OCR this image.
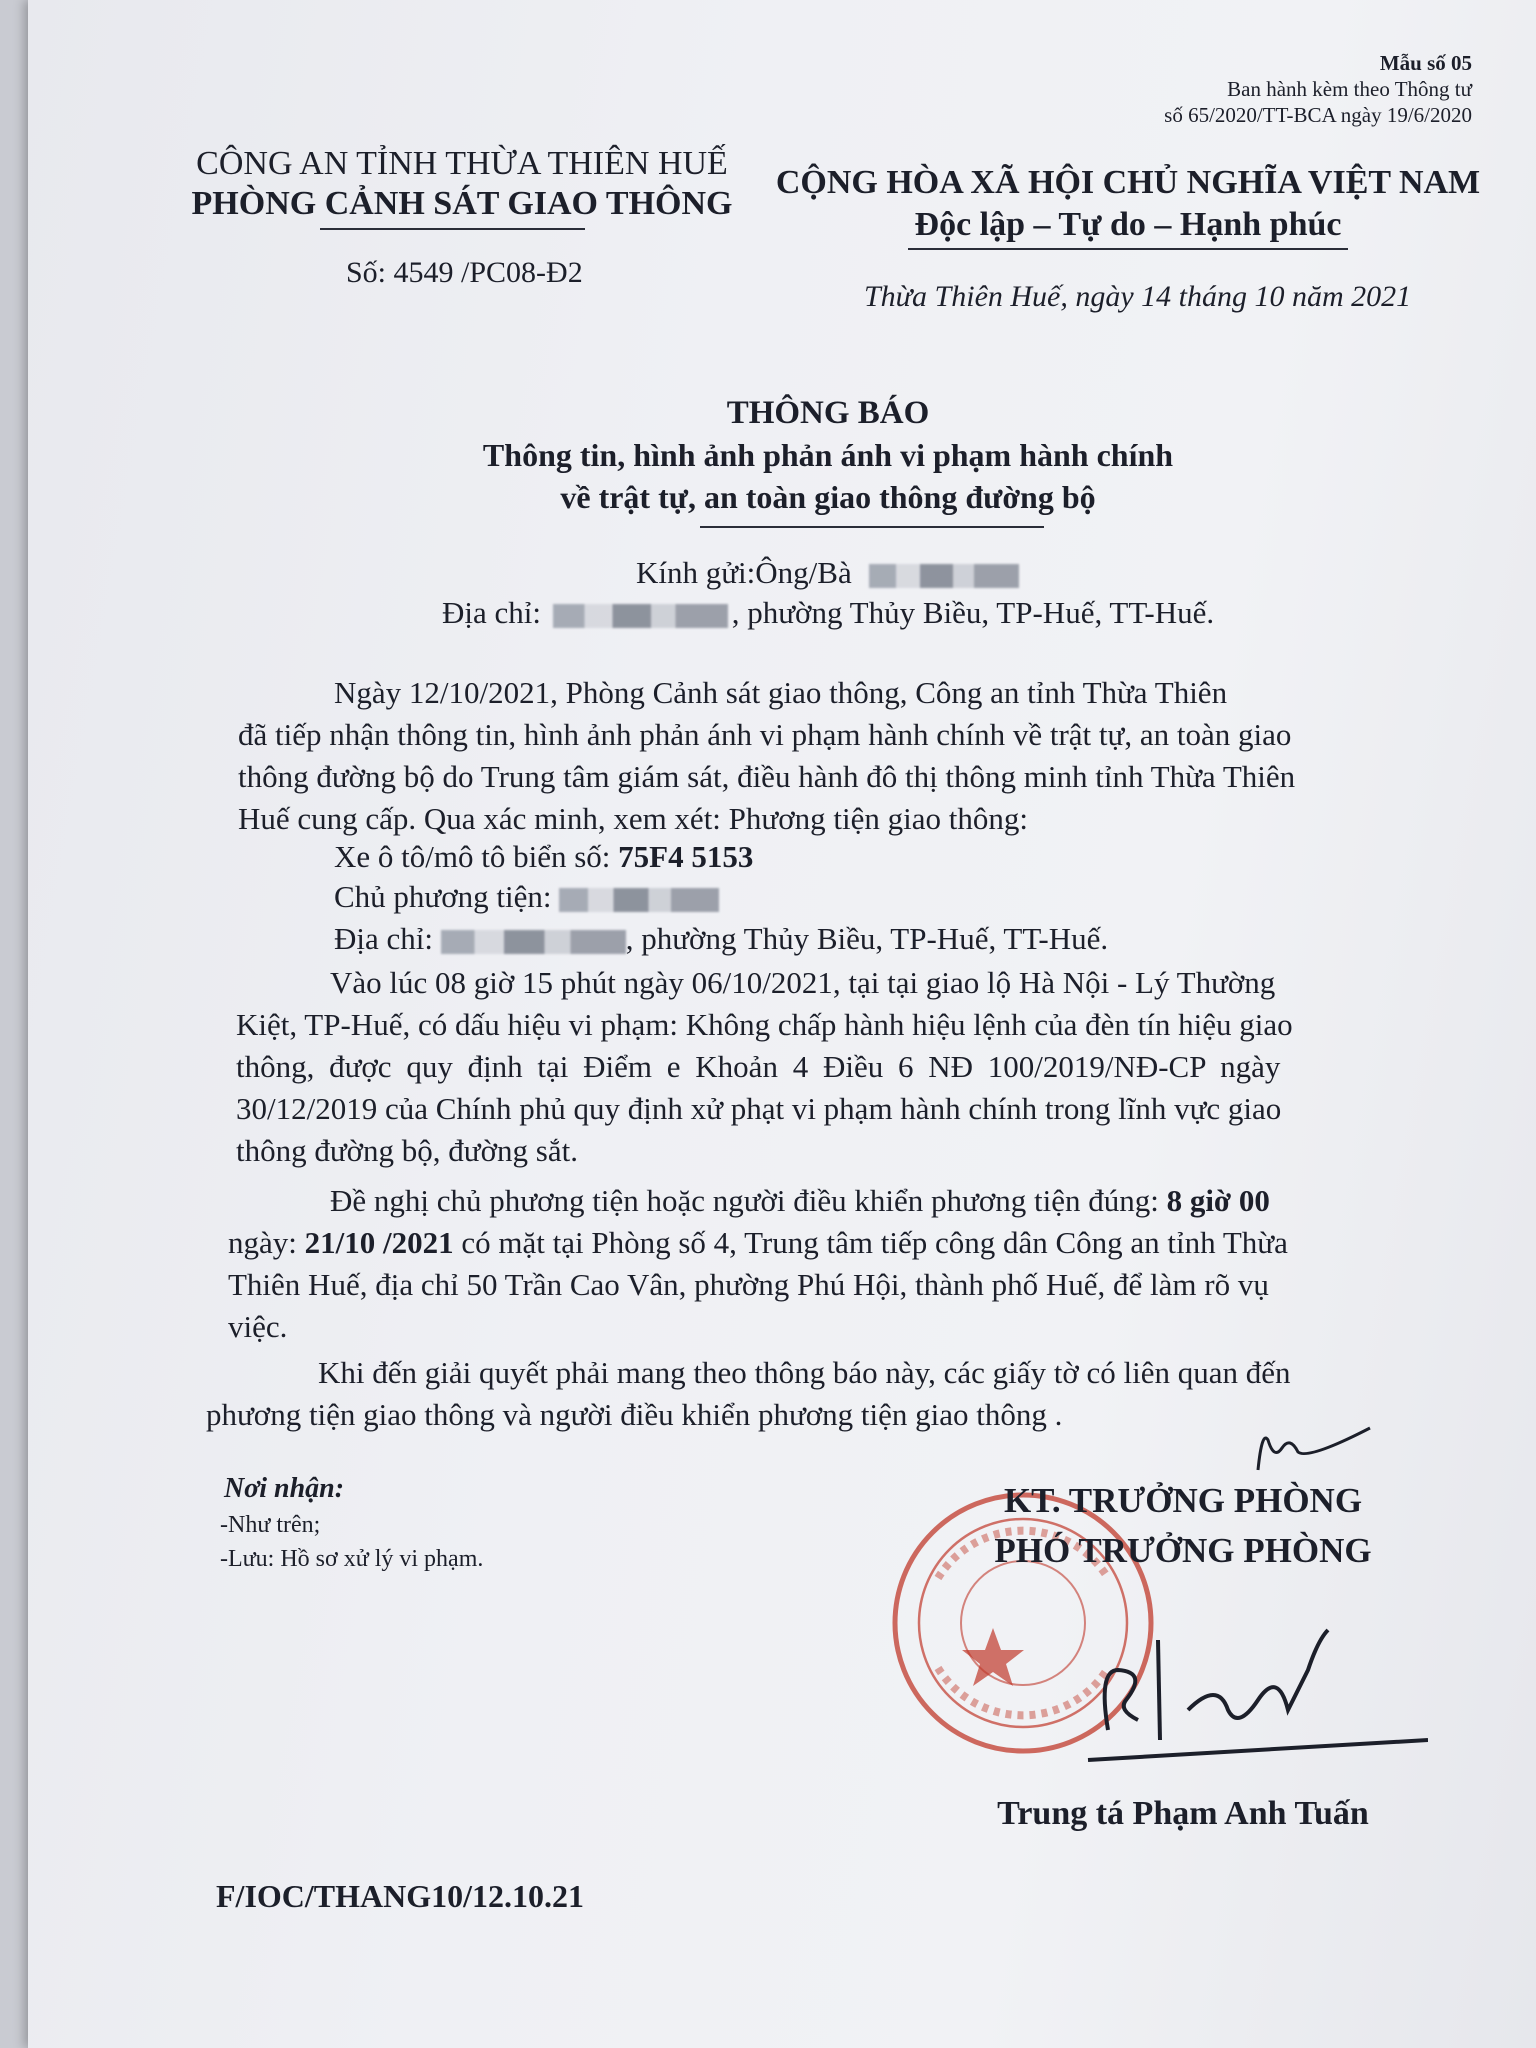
Mẫu số 05
Ban hành kèm theo Thông tư
số 65/2020/TT-BCA ngày 19/6/2020
CÔNG AN TỈNH THỪA THIÊN HUẾ
PHÒNG CẢNH SÁT GIAO THÔNG
Số: 4549 /PC08-Đ2
CỘNG HÒA XÃ HỘI CHỦ NGHĨA VIỆT NAM
Độc lập – Tự do – Hạnh phúc
Thừa Thiên Huế, ngày 14 tháng 10 năm 2021
THÔNG BÁO
Thông tin, hình ảnh phản ánh vi phạm hành chính
về trật tự, an toàn giao thông đường bộ
Kính gửi:Ông/Bà
Địa chỉ:	, phường Thủy Biều, TP-Huế, TT-Huế.
Ngày 12/10/2021, Phòng Cảnh sát giao thông, Công an tỉnh Thừa Thiên
đã tiếp nhận thông tin, hình ảnh phản ánh vi phạm hành chính về trật tự, an toàn giao
thông đường bộ do Trung tâm giám sát, điều hành đô thị thông minh tỉnh Thừa Thiên
Huế cung cấp. Qua xác minh, xem xét: Phương tiện giao thông:
Xe ô tô/mô tô biển số: 75F4 5153
Chủ phương tiện:
Địa chỉ:	, phường Thủy Biều, TP-Huế, TT-Huế.
Vào lúc 08 giờ 15 phút ngày 06/10/2021, tại tại giao lộ Hà Nội - Lý Thường
Kiệt, TP-Huế, có dấu hiệu vi phạm: Không chấp hành hiệu lệnh của đèn tín hiệu giao
thông, được quy định tại Điểm e Khoản 4 Điều 6 NĐ 100/2019/NĐ-CP ngày
30/12/2019 của Chính phủ quy định xử phạt vi phạm hành chính trong lĩnh vực giao
thông đường bộ, đường sắt.
Đề nghị chủ phương tiện hoặc người điều khiển phương tiện đúng: 8 giờ 00
ngày: 21/10 /2021 có mặt tại Phòng số 4, Trung tâm tiếp công dân Công an tỉnh Thừa
Thiên Huế, địa chỉ 50 Trần Cao Vân, phường Phú Hội, thành phố Huế, để làm rõ vụ
việc.
Khi đến giải quyết phải mang theo thông báo này, các giấy tờ có liên quan đến
phương tiện giao thông và người điều khiển phương tiện giao thông .
Nơi nhận:
-Như trên;
-Lưu: Hồ sơ xử lý vi phạm.
KT. TRƯỞNG PHÒNG
PHÓ TRƯỞNG PHÒNG
Trung tá Phạm Anh Tuấn
F/IOC/THANG10/12.10.21
